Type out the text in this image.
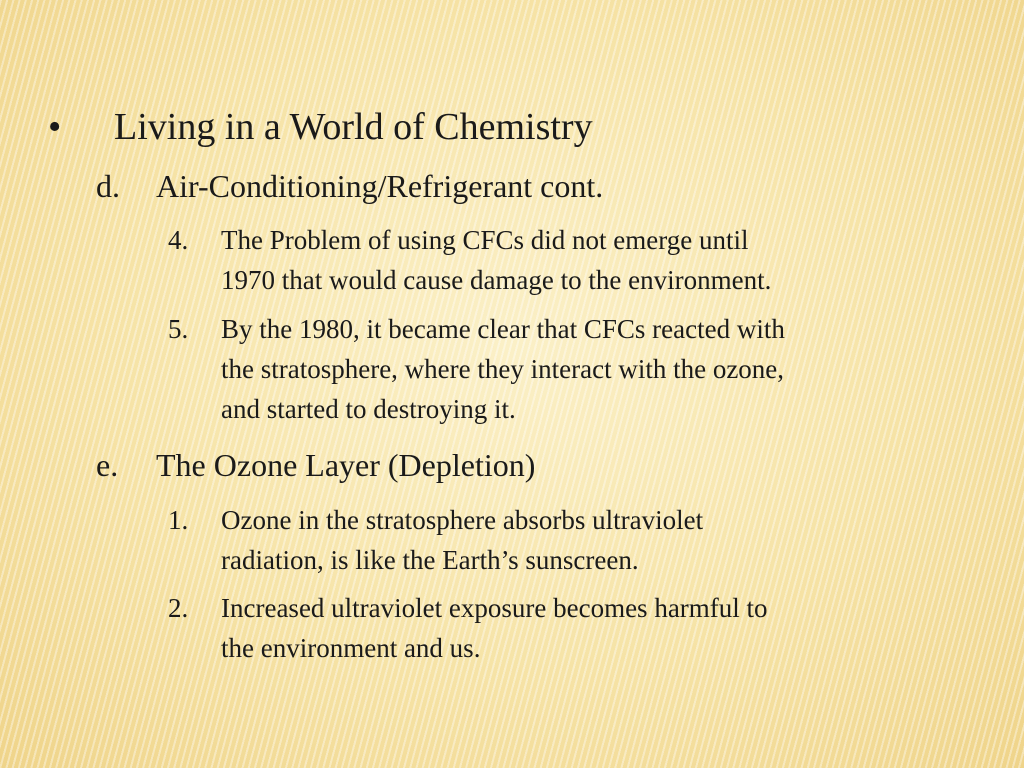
•	Living in a World of Chemistry
d.	Air-Conditioning/Refrigerant cont.
4.	The Problem of using CFCs did not emerge until
1970 that would cause damage to the environment.
5.	By the 1980, it became clear that CFCs reacted with
the stratosphere, where they interact with the ozone,
and started to destroying it.
e.	The Ozone Layer (Depletion)
1.	Ozone in the stratosphere absorbs ultraviolet
radiation, is like the Earth’s sunscreen.
2.	Increased ultraviolet exposure becomes harmful to
the environment and us.
